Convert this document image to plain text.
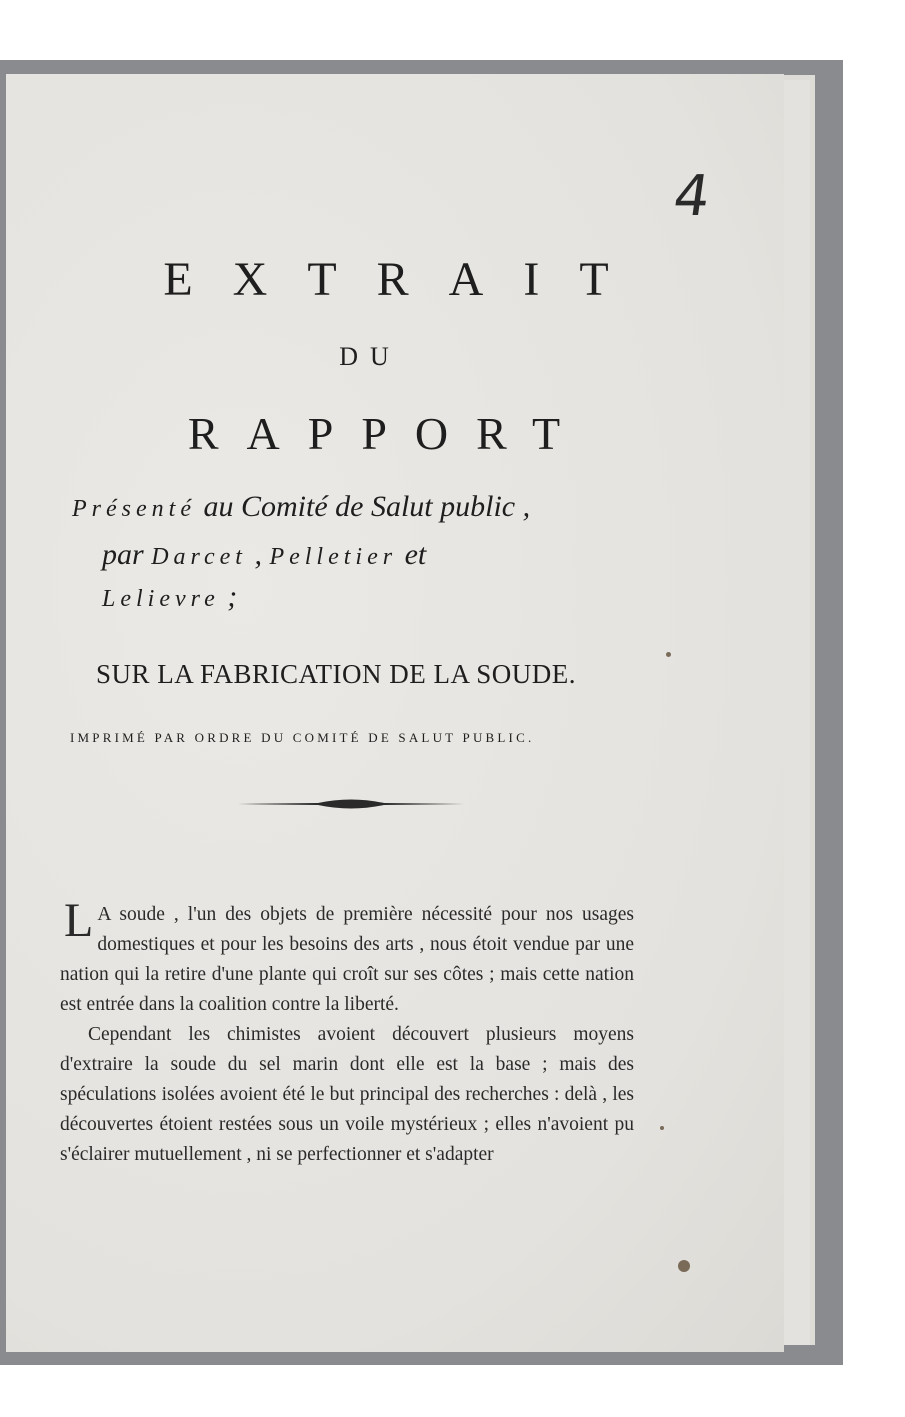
4
EXTRAIT
DU
RAPPORT
Présenté au Comité de Salut public ,
par Darcet , Pelletier et
Lelievre ;
SUR LA FABRICATION DE LA SOUDE.
IMPRIMÉ PAR ORDRE DU COMITÉ DE SALUT PUBLIC.

L A soude , l'un des objets de première nécessité pour nos usages domestiques et pour les besoins des arts , nous étoit vendue par une nation qui la retire d'une plante qui croît sur ses côtes ; mais cette nation est entrée dans la coalition contre la liberté.

Cependant les chimistes avoient découvert plusieurs moyens d'extraire la soude du sel marin dont elle est la base ; mais des spéculations isolées avoient été le but principal des recherches : delà , les découvertes étoient restées sous un voile mystérieux ; elles n'avoient pu s'éclairer mutuellement , ni se perfectionner et s'adapter
